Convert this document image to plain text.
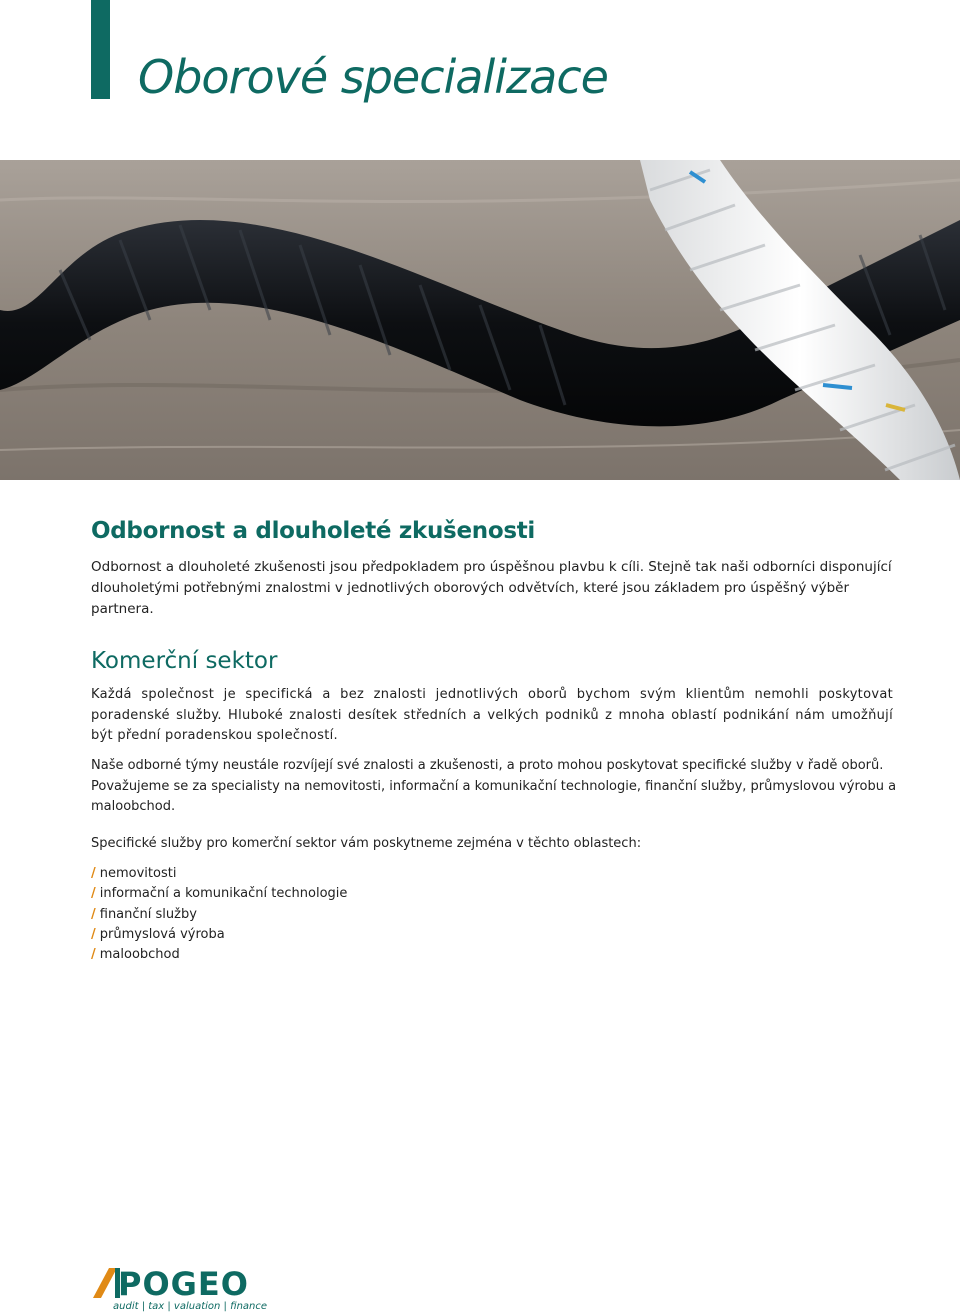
Oborové specializace
Odbornost a dlouholeté zkušenosti

Odbornost a dlouholeté zkušenosti jsou předpokladem pro úspěšnou plavbu k cíli. Stejně tak naši odborníci disponující dlouholetými potřebnými znalostmi v jednotlivých oborových odvětvích, které jsou základem pro úspěšný výběr partnera.

Komerční sektor

Každá společnost je specifická a bez znalosti jednotlivých oborů bychom svým klientům nemohli poskytovat poradenské služby. Hluboké znalosti desítek středních a velkých podniků z mnoha oblastí podnikání nám umožňují být přední poradenskou společností.

Naše odborné týmy neustále rozvíjejí své znalosti a zkušenosti, a proto mohou poskytovat specifické služby v řadě oborů. Považujeme se za specialisty na nemovitosti, informační a komunikační technologie, finanční služby, průmyslovou výrobu a maloobchod.

Specifické služby pro komerční sektor vám poskytneme zejména v těchto oblastech:

/ nemovitosti
/ informační a komunikační technologie
/ finanční služby
/ průmyslová výroba
/ maloobchod
POGEO
audit | tax | valuation | finance
